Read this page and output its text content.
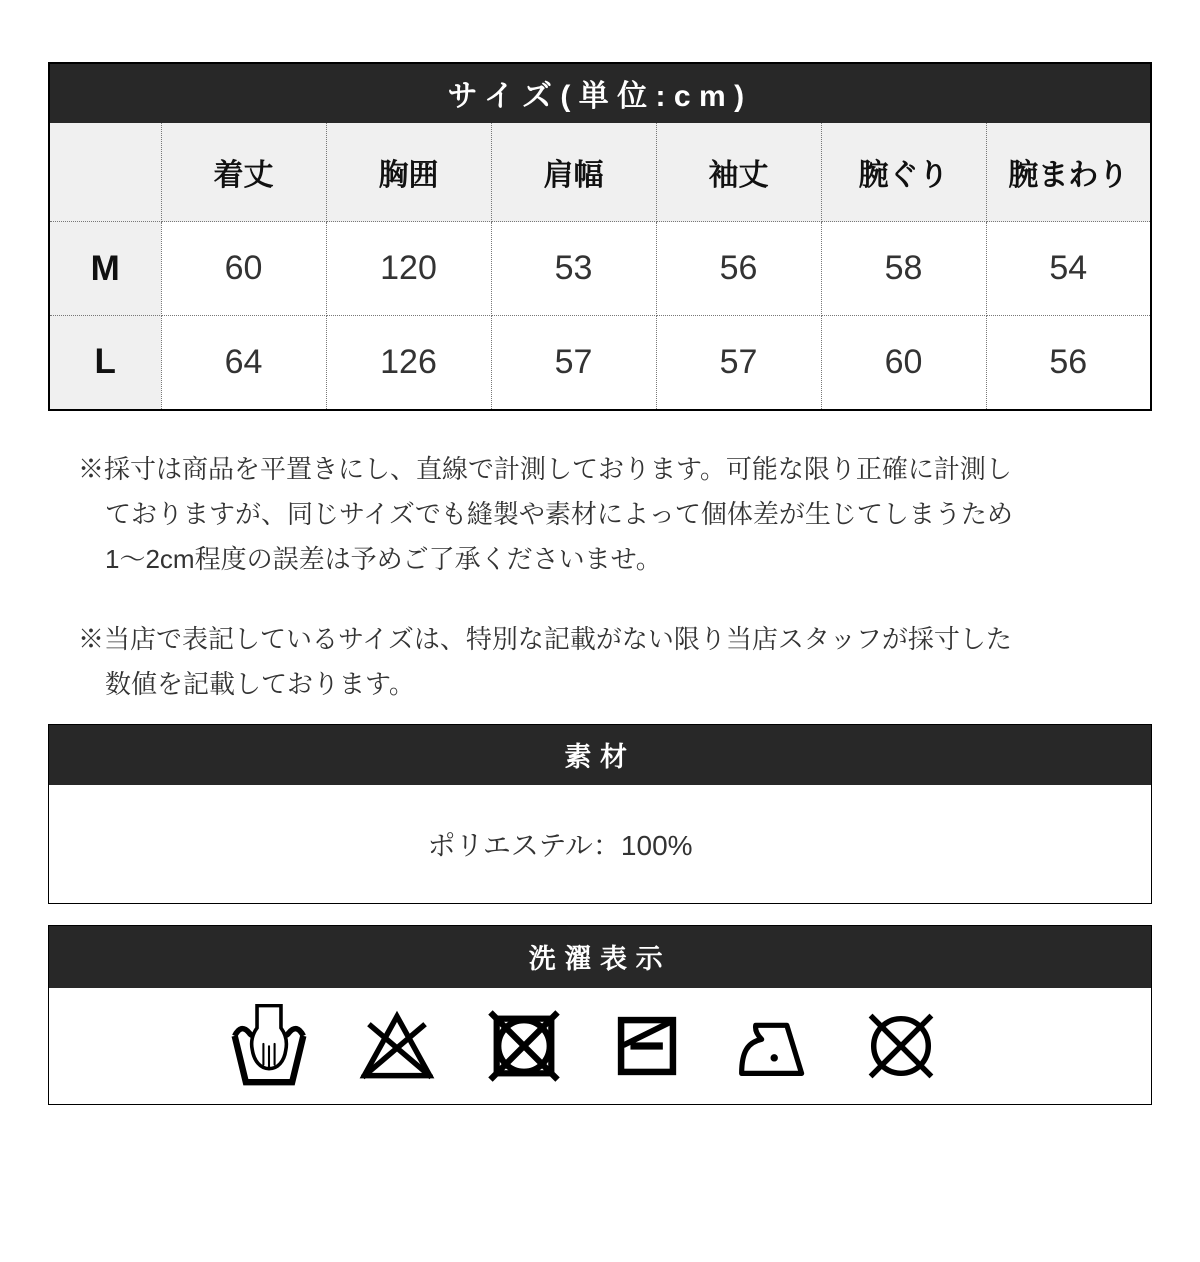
サイズ(単位:cm)						
	着丈	胸囲	肩幅	袖丈	腕ぐり	腕まわり
M	60	120	53	56	58	54
L	64	126	57	57	60	56
※採寸は商品を平置きにし、直線で計測しております。可能な限り正確に計測し
ておりますが、同じサイズでも縫製や素材によって個体差が生じてしまうため
1〜2cm程度の誤差は予めご了承くださいませ。
※当店で表記しているサイズは、特別な記載がない限り当店スタッフが採寸した
数値を記載しております。
素材
ポリエステル：100%
洗濯表示
